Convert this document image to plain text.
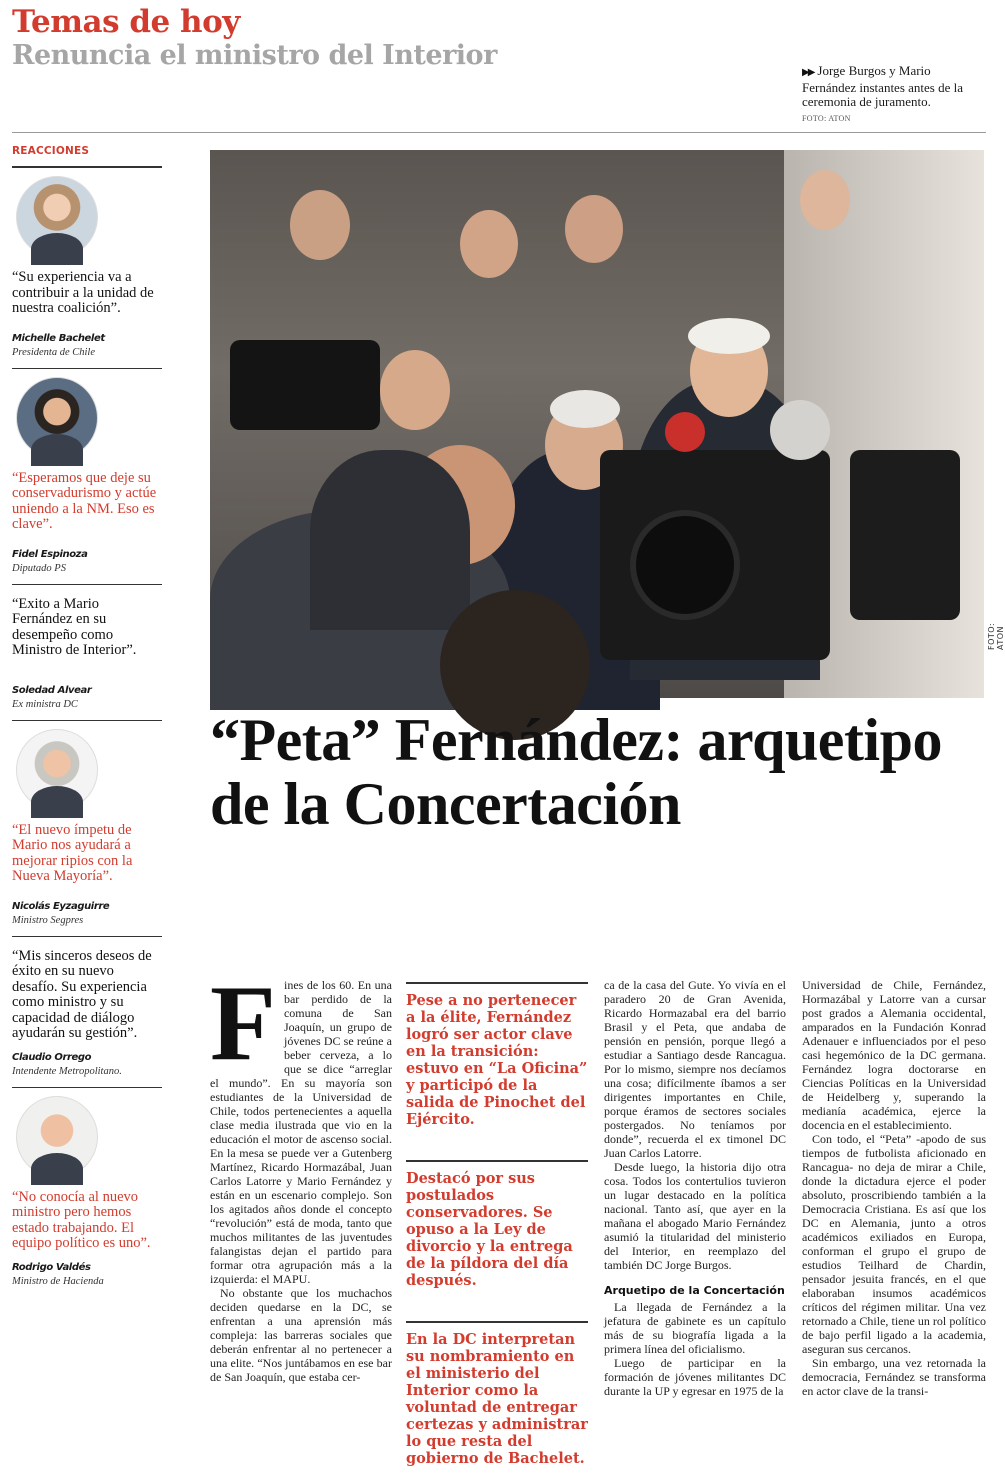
Temas de hoy
Renuncia el ministro del Interior
▶▶ Jorge Burgos y Mario Fernández instantes antes de la ceremonia de juramento.
FOTO: ATON
REACCIONES
“Su experiencia va a contribuir a la unidad de nuestra coalición”.
Michelle Bachelet
Presidenta de Chile
“Esperamos que deje su conservadurismo y actúe uniendo a la NM. Eso es clave”.
Fidel Espinoza
Diputado PS
“Exito a Mario Fernández en su desempeño como Ministro de Interior”.
Soledad Alvear
Ex ministra DC
“El nuevo ímpetu de Mario nos ayudará a mejorar ripios con la Nueva Mayoría”.
Nicolás Eyzaguirre
Ministro Segpres
“Mis sinceros deseos de éxito en su nuevo desafío. Su experiencia como ministro y su capacidad de diálogo ayudarán su gestión”.
Claudio Orrego
Intendente Metropolitano.
“No conocía al nuevo ministro pero hemos estado trabajando. El equipo político es uno”.
Rodrigo Valdés
Ministro de Hacienda
FOTO: ATON
“Peta” Fernández: arquetipo de la Concertación
F ines de los 60. En una bar perdido de la comuna de San Joaquín, un grupo de jóvenes DC se reúne a beber cerveza, a lo que se dice “arreglar el mundo”. En su mayoría son estudiantes de la Universidad de Chile, todos pertenecientes a aquella clase media ilustrada que vio en la educación el motor de ascenso social. En la mesa se puede ver a Gutenberg Martínez, Ricardo Hormazábal, Juan Carlos Latorre y Mario Fernández y están en un escenario complejo. Son los agitados años donde el concepto “revolución” está de moda, tanto que muchos militantes de las juventudes falangistas dejan el partido para formar otra agrupación más a la izquierda: el MAPU.

No obstante que los muchachos deciden quedarse en la DC, se enfrentan a una aprensión más compleja: las barreras sociales que deberán enfrentar al no pertenecer a una elite. “Nos juntábamos en ese bar de San Joaquín, que estaba cer-

Pese a no pertenecer a la élite, Fernández logró ser actor clave en la transición: estuvo en “La Oficina” y participó de la salida de Pinochet del Ejército.
Destacó por sus postulados conservadores. Se opuso a la Ley de divorcio y la entrega de la píldora del día después.
En la DC interpretan su nombramiento en el ministerio del Interior como la voluntad de entregar certezas y administrar lo que resta del gobierno de Bachelet.

ca de la casa del Gute. Yo vivía en el paradero 20 de Gran Avenida, Ricardo Hormazabal era del barrio Brasil y el Peta, que andaba de pensión en pensión, porque llegó a estudiar a Santiago desde Rancagua. Por lo mismo, siempre nos decíamos una cosa; difícilmente íbamos a ser dirigentes importantes en Chile, porque éramos de sectores sociales postergados. No teníamos por donde”, recuerda el ex timonel DC Juan Carlos Latorre.

Desde luego, la historia dijo otra cosa. Todos los contertulios tuvieron un lugar destacado en la política nacional. Tanto así, que ayer en la mañana el abogado Mario Fernández asumió la titularidad del ministerio del Interior, en reemplazo del también DC Jorge Burgos.

Arquetipo de la Concertación

La llegada de Fernández a la jefatura de gabinete es un capítulo más de su biografía ligada a la primera línea del oficialismo.

Luego de participar en la formación de jóvenes militantes DC durante la UP y egresar en 1975 de la

Universidad de Chile, Fernández, Hormazábal y Latorre van a cursar post grados a Alemania occidental, amparados en la Fundación Konrad Adenauer e influenciados por el peso casi hegemónico de la DC germana. Fernández logra doctorarse en Ciencias Políticas en la Universidad de Heidelberg y, superando la medianía académica, ejerce la docencia en el establecimiento.

Con todo, el “Peta” -apodo de sus tiempos de futbolista aficionado en Rancagua- no deja de mirar a Chile, donde la dictadura ejerce el poder absoluto, proscribiendo también a la Democracia Cristiana. Es así que los DC en Alemania, junto a otros académicos exiliados en Europa, conforman el grupo el grupo de estudios Teilhard de Chardin, pensador jesuita francés, en el que elaboraban insumos académicos críticos del régimen militar. Una vez retornado a Chile, tiene un rol político de bajo perfil ligado a la academia, aseguran sus cercanos.

Sin embargo, una vez retornada la democracia, Fernández se transforma en actor clave de la transi-
